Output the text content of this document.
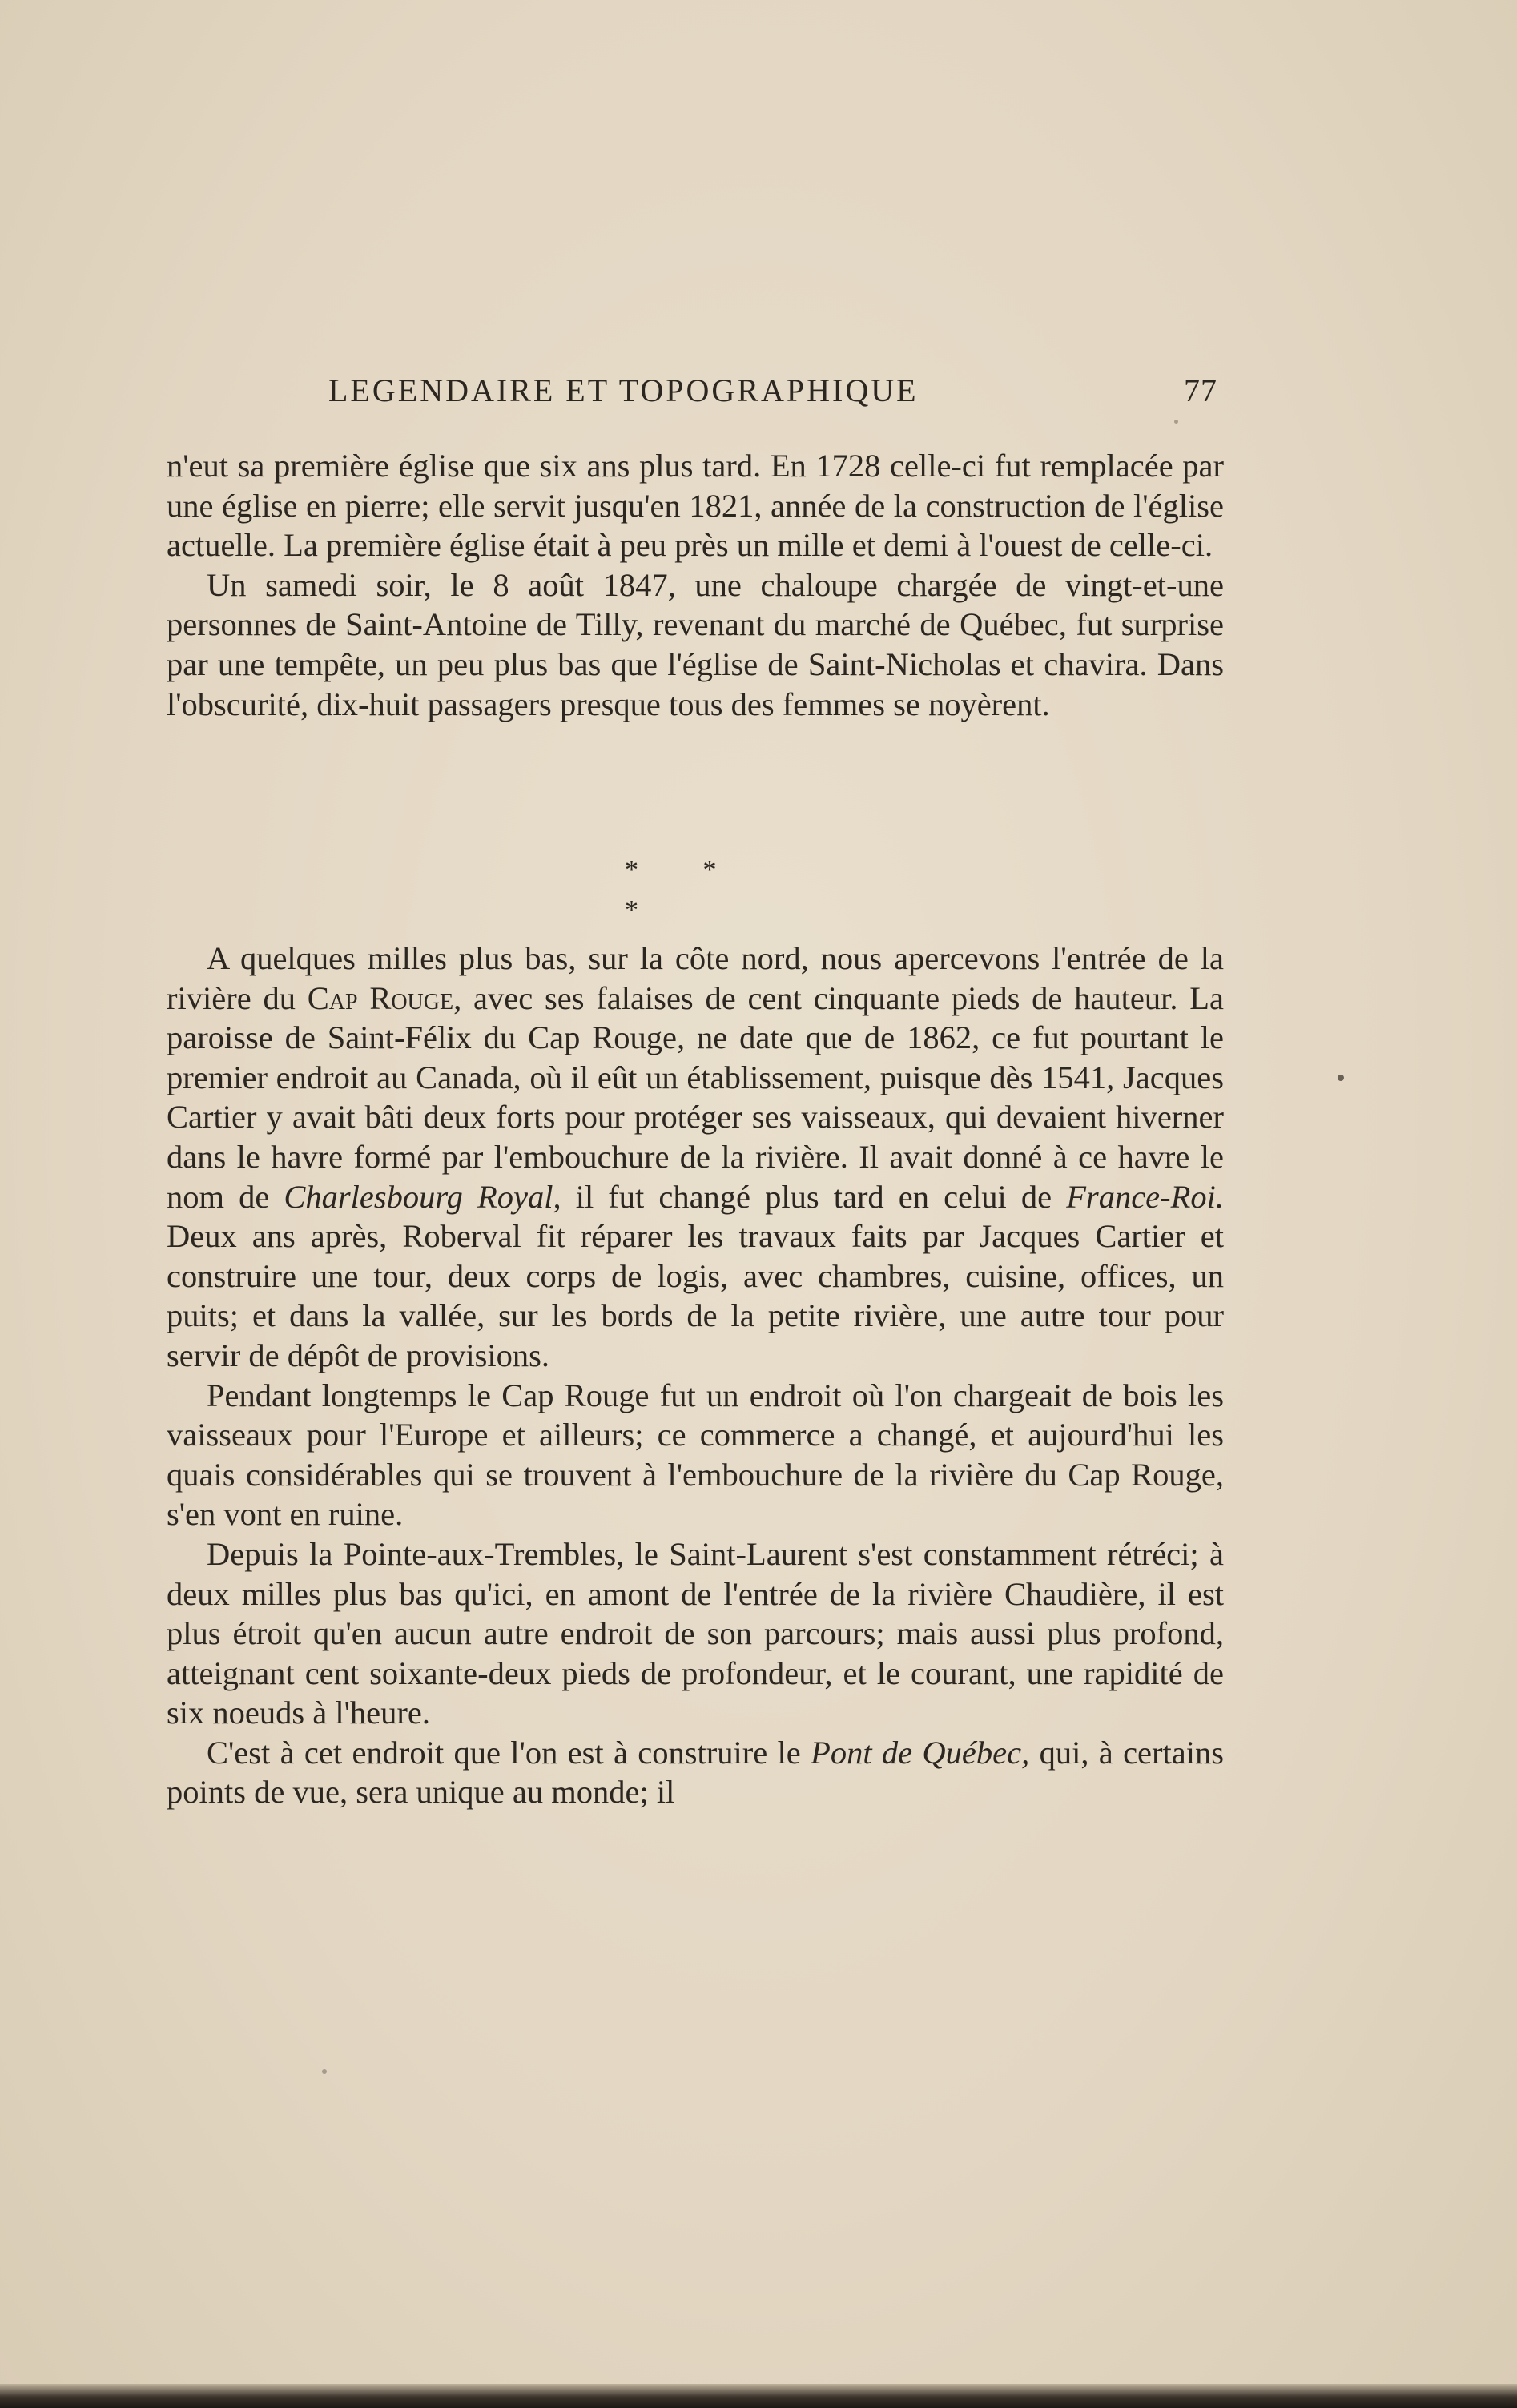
LEGENDAIRE ET TOPOGRAPHIQUE	77

n'eut sa première église que six ans plus tard. En 1728 celle-ci fut remplacée par une église en pierre; elle servit jusqu'en 1821, année de la construction de l'église actuelle. La première église était à peu près un mille et demi à l'ouest de celle-ci.

Un samedi soir, le 8 août 1847, une chaloupe chargée de vingt-et-une personnes de Saint-Antoine de Tilly, revenant du marché de Québec, fut surprise par une tempête, un peu plus bas que l'église de Saint-Nicholas et chavira. Dans l'obscurité, dix-huit passagers presque tous des femmes se noyèrent.

* * *

A quelques milles plus bas, sur la côte nord, nous apercevons l'entrée de la rivière du Cap Rouge, avec ses falaises de cent cinquante pieds de hauteur. La paroisse de Saint-Félix du Cap Rouge, ne date que de 1862, ce fut pourtant le premier endroit au Canada, où il eût un établissement, puisque dès 1541, Jacques Cartier y avait bâti deux forts pour protéger ses vaisseaux, qui devaient hiverner dans le havre formé par l'embouchure de la rivière. Il avait donné à ce havre le nom de Charlesbourg Royal, il fut changé plus tard en celui de France-Roi. Deux ans après, Roberval fit réparer les travaux faits par Jacques Cartier et construire une tour, deux corps de logis, avec chambres, cuisine, offices, un puits; et dans la vallée, sur les bords de la petite rivière, une autre tour pour servir de dépôt de provisions.

Pendant longtemps le Cap Rouge fut un endroit où l'on chargeait de bois les vaisseaux pour l'Europe et ailleurs; ce commerce a changé, et aujourd'hui les quais considérables qui se trouvent à l'embouchure de la rivière du Cap Rouge, s'en vont en ruine.

Depuis la Pointe-aux-Trembles, le Saint-Laurent s'est constamment rétréci; à deux milles plus bas qu'ici, en amont de l'entrée de la rivière Chaudière, il est plus étroit qu'en aucun autre endroit de son parcours; mais aussi plus profond, atteignant cent soixante-deux pieds de profondeur, et le courant, une rapidité de six noeuds à l'heure.

C'est à cet endroit que l'on est à construire le Pont de Québec, qui, à certains points de vue, sera unique au monde; il
